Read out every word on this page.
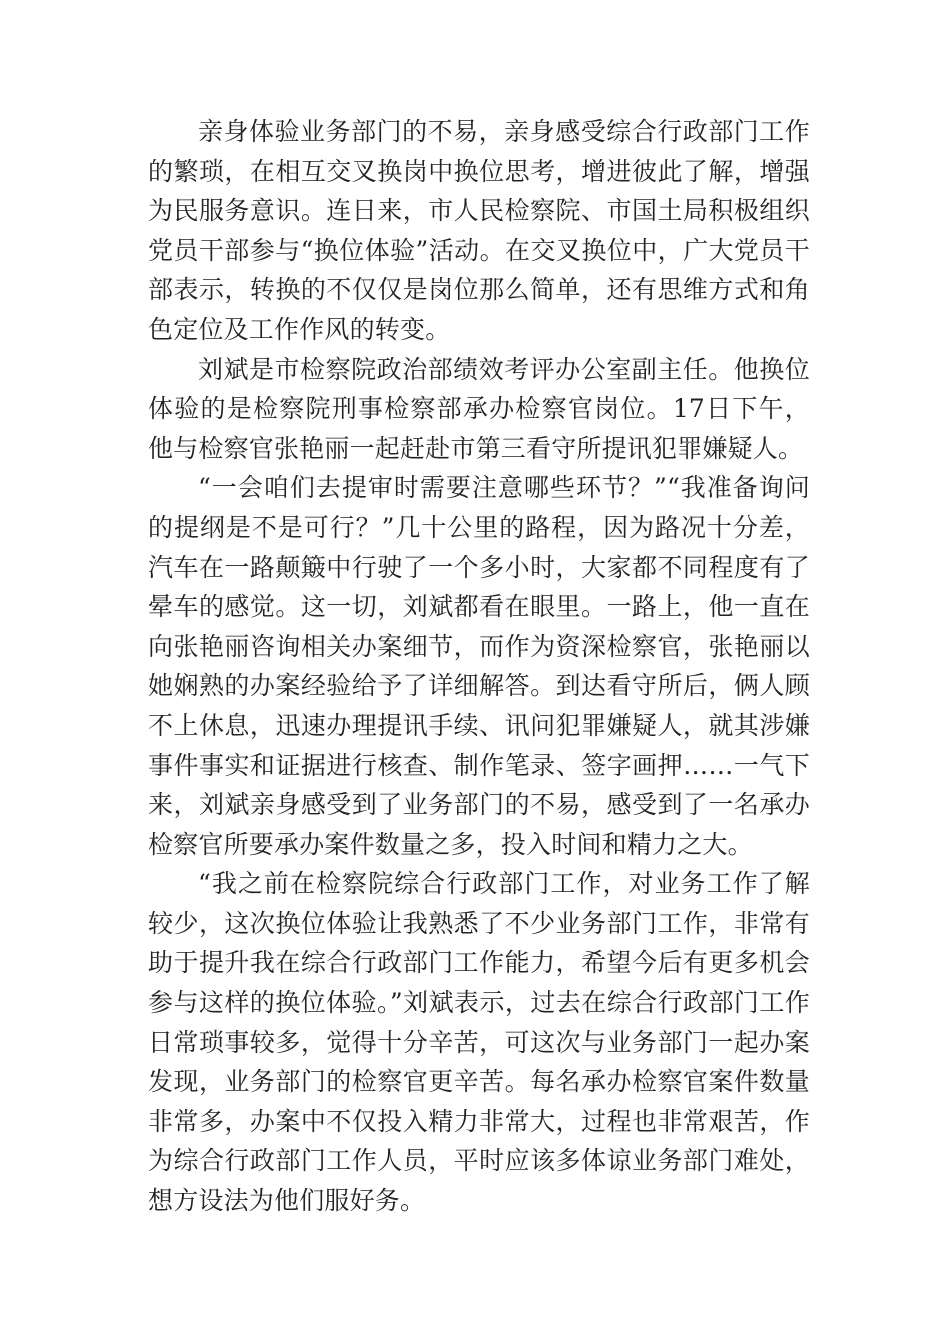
亲身体验业务部门的不易，亲身感受综合行政部门工作的繁琐，在相互交叉换岗中换位思考，增进彼此了解，增强为民服务意识。连日来，市人民检察院、市国土局积极组织党员干部参与“换位体验”活动。在交叉换位中，广大党员干部表示，转换的不仅仅是岗位那么简单，还有思维方式和角色定位及工作作风的转变。

刘斌是市检察院政治部绩效考评办公室副主任。他换位体验的是检察院刑事检察部承办检察官岗位。17日下午，他与检察官张艳丽一起赶赴市第三看守所提讯犯罪嫌疑人。

“一会咱们去提审时需要注意哪些环节？”“我准备询问的提纲是不是可行？”几十公里的路程，因为路况十分差，汽车在一路颠簸中行驶了一个多小时，大家都不同程度有了晕车的感觉。这一切，刘斌都看在眼里。一路上，他一直在向张艳丽咨询相关办案细节，而作为资深检察官，张艳丽以她娴熟的办案经验给予了详细解答。到达看守所后，俩人顾不上休息，迅速办理提讯手续、讯问犯罪嫌疑人，就其涉嫌事件事实和证据进行核查、制作笔录、签字画押……一气下来，刘斌亲身感受到了业务部门的不易，感受到了一名承办检察官所要承办案件数量之多，投入时间和精力之大。

“我之前在检察院综合行政部门工作，对业务工作了解较少，这次换位体验让我熟悉了不少业务部门工作，非常有助于提升我在综合行政部门工作能力，希望今后有更多机会参与这样的换位体验。”刘斌表示，过去在综合行政部门工作日常琐事较多，觉得十分辛苦，可这次与业务部门一起办案发现，业务部门的检察官更辛苦。每名承办检察官案件数量非常多，办案中不仅投入精力非常大，过程也非常艰苦，作为综合行政部门工作人员，平时应该多体谅业务部门难处，想方设法为他们服好务。
